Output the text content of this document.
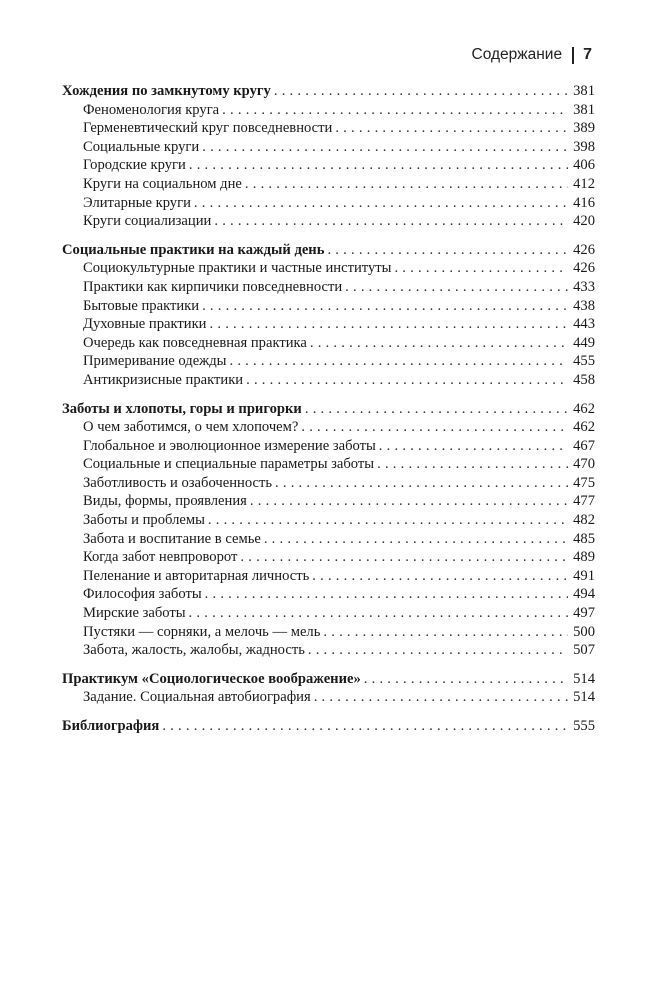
Содержание 7
Хождения по замкнутому кругу .....	381
Феноменология круга .....	381
Герменевтический круг повседневности .....	389
Социальные круги .....	398
Городские круги .....	406
Круги на социальном дне .....	412
Элитарные круги .....	416
Круги социализации .....	420
Социальные практики на каждый день .....	426
Социокультурные практики и частные институты .....	426
Практики как кирпичики повседневности .....	433
Бытовые практики .....	438
Духовные практики .....	443
Очередь как повседневная практика .....	449
Примеривание одежды .....	455
Антикризисные практики .....	458
Заботы и хлопоты, горы и пригорки .....	462
О чем заботимся, о чем хлопочем? .....	462
Глобальное и эволюционное измерение заботы .....	467
Социальные и специальные параметры заботы .....	470
Заботливость и озабоченность .....	475
Виды, формы, проявления .....	477
Заботы и проблемы .....	482
Забота и воспитание в семье .....	485
Когда забот невпроворот .....	489
Пеленание и авторитарная личность .....	491
Философия заботы .....	494
Мирские заботы .....	497
Пустяки — сорняки, а мелочь — мель .....	500
Забота, жалость, жалобы, жадность .....	507
Практикум «Социологическое воображение» .....	514
Задание. Социальная автобиография .....	514
Библиография .....	555
